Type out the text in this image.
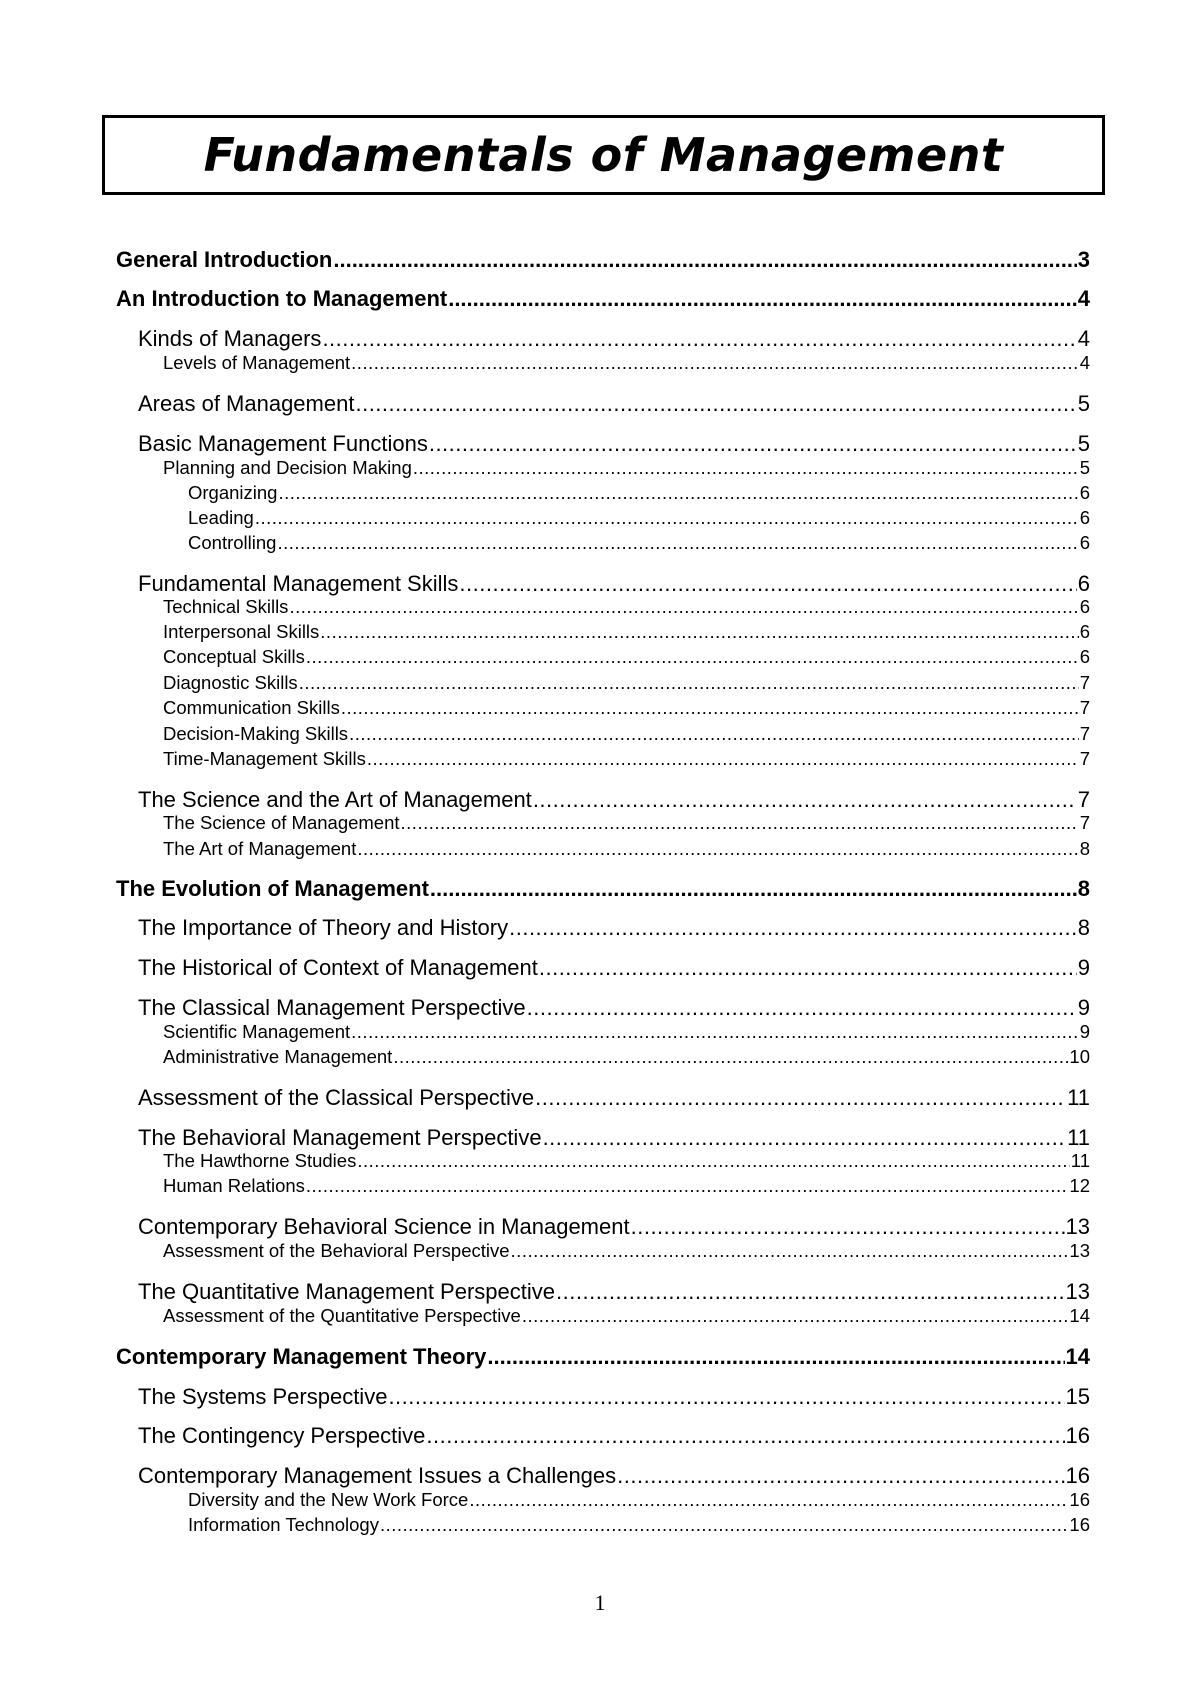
Fundamentals of Management
General Introduction .....	3
An Introduction to Management .....	4
Kinds of Managers .....	4
Levels of Management .....	4
Areas of Management .....	5
Basic Management Functions .....	5
Planning and Decision Making .....	5
Organizing .....	6
Leading .....	6
Controlling .....	6
Fundamental Management Skills .....	6
Technical Skills .....	6
Interpersonal Skills .....	6
Conceptual Skills .....	6
Diagnostic Skills .....	7
Communication Skills .....	7
Decision-Making Skills .....	7
Time-Management Skills .....	7
The Science and the Art of Management .....	7
The Science of Management .....	7
The Art of Management .....	8
The Evolution of Management .....	8
The Importance of Theory and History .....	8
The Historical of Context of Management .....	9
The Classical Management Perspective .....	9
Scientific Management .....	9
Administrative Management .....	10
Assessment of the Classical Perspective .....	11
The Behavioral Management Perspective .....	11
The Hawthorne Studies .....	11
Human Relations .....	12
Contemporary Behavioral Science in Management .....	13
Assessment of the Behavioral Perspective .....	13
The Quantitative Management Perspective .....	13
Assessment of the Quantitative Perspective .....	14
Contemporary Management Theory .....	14
The Systems Perspective .....	15
The Contingency Perspective .....	16
Contemporary Management Issues a Challenges .....	16
Diversity and the New Work Force .....	16
Information Technology .....	16
1
